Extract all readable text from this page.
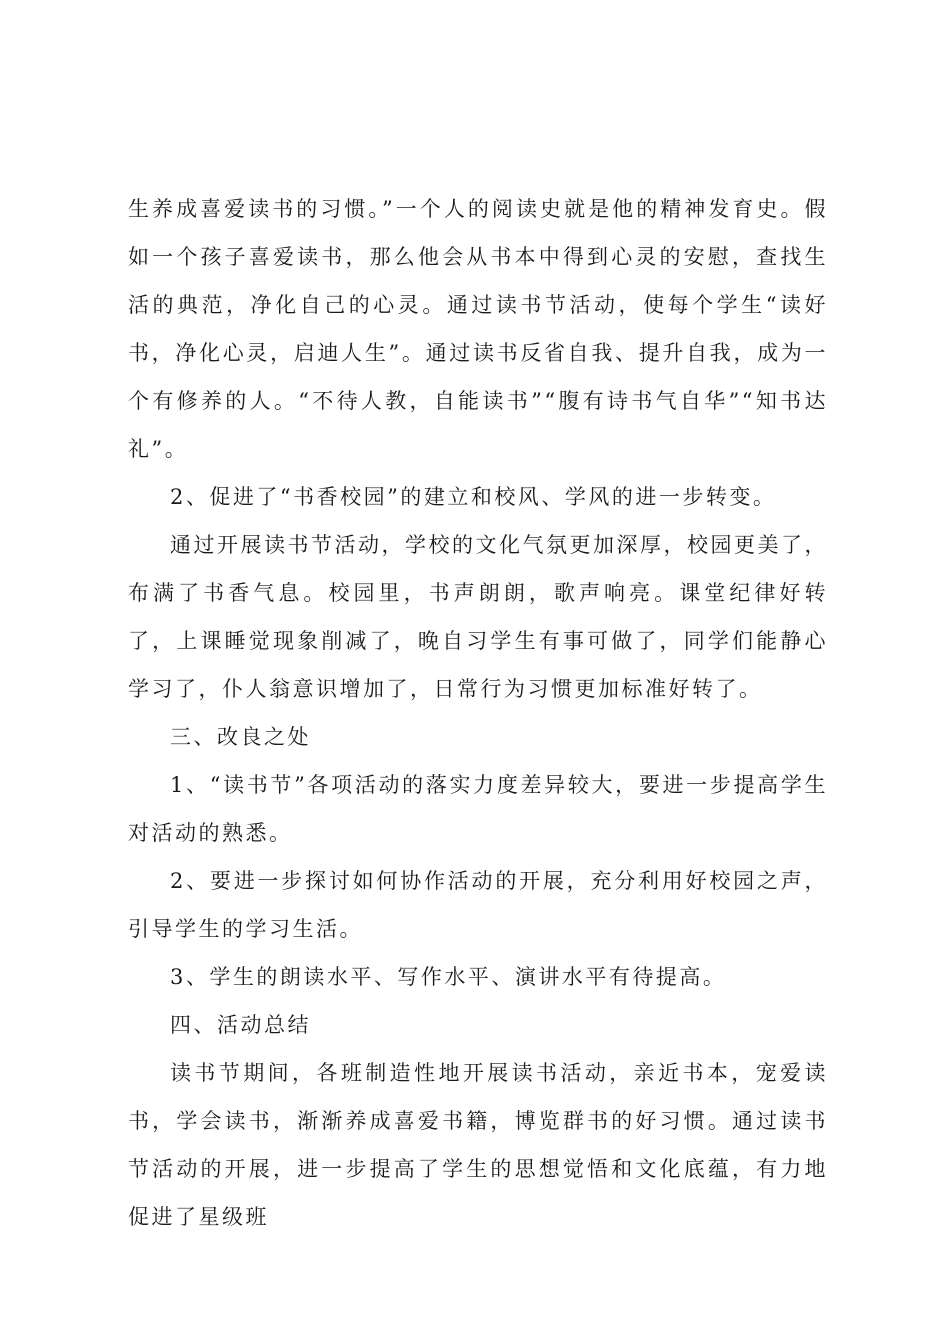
生养成喜爱读书的习惯。”一个人的阅读史就是他的精神发育史。假如一个孩子喜爱读书，那么他会从书本中得到心灵的安慰，查找生活的典范，净化自己的心灵。通过读书节活动，使每个学生“读好书，净化心灵，启迪人生”。通过读书反省自我、提升自我，成为一个有修养的人。“不待人教，自能读书”“腹有诗书气自华”“知书达礼”。

2、促进了“书香校园”的建立和校风、学风的进一步转变。

通过开展读书节活动，学校的文化气氛更加深厚，校园更美了，布满了书香气息。校园里，书声朗朗，歌声响亮。课堂纪律好转了，上课睡觉现象削减了，晚自习学生有事可做了，同学们能静心学习了，仆人翁意识增加了，日常行为习惯更加标准好转了。

三、改良之处

1、“读书节”各项活动的落实力度差异较大，要进一步提高学生对活动的熟悉。

2、要进一步探讨如何协作活动的开展，充分利用好校园之声，引导学生的学习生活。

3、学生的朗读水平、写作水平、演讲水平有待提高。

四、活动总结

读书节期间，各班制造性地开展读书活动，亲近书本，宠爱读书，学会读书，渐渐养成喜爱书籍，博览群书的好习惯。通过读书节活动的开展，进一步提高了学生的思想觉悟和文化底蕴，有力地促进了星级班
